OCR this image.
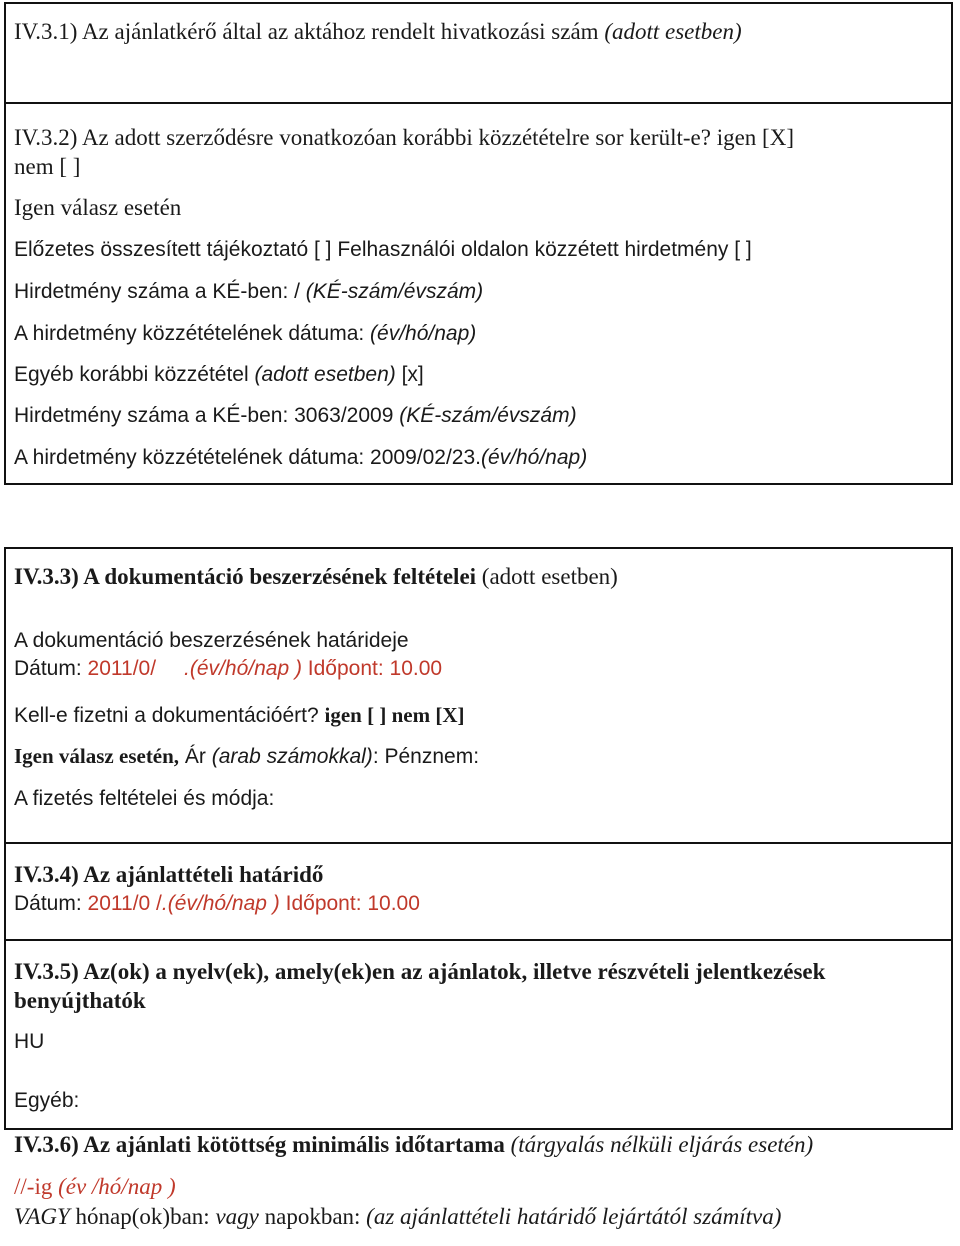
IV.3.1) Az ajánlatkérő által az aktához rendelt hivatkozási szám (adott esetben)
IV.3.2) Az adott szerződésre vonatkozóan korábbi közzétételre sor került-e? igen [X]
nem [ ]
Igen válasz esetén
Előzetes összesített tájékoztató [ ] Felhasználói oldalon közzétett hirdetmény [ ]
Hirdetmény száma a KÉ-ben: / (KÉ-szám/évszám)
A hirdetmény közzétételének dátuma: (év/hó/nap)
Egyéb korábbi közzététel (adott esetben) [x]
Hirdetmény száma a KÉ-ben: 3063/2009 (KÉ-szám/évszám)
A hirdetmény közzétételének dátuma: 2009/02/23.(év/hó/nap)
IV.3.3) A dokumentáció beszerzésének feltételei (adott esetben)
A dokumentáció beszerzésének határideje
Dátum: 2011/0/ .(év/hó/nap ) Időpont: 10.00
Kell-e fizetni a dokumentációért? igen [ ] nem [X]
Igen válasz esetén, Ár (arab számokkal): Pénznem:
A fizetés feltételei és módja:
IV.3.4) Az ajánlattételi határidő
Dátum: 2011/0 /.(év/hó/nap ) Időpont: 10.00
IV.3.5) Az(ok) a nyelv(ek), amely(ek)en az ajánlatok, illetve részvételi jelentkezések
benyújthatók
HU
Egyéb:
IV.3.6) Az ajánlati kötöttség minimális időtartama (tárgyalás nélküli eljárás esetén)
//-ig (év /hó/nap )
VAGY hónap(ok)ban: vagy napokban: (az ajánlattételi határidő lejártától számítva)
